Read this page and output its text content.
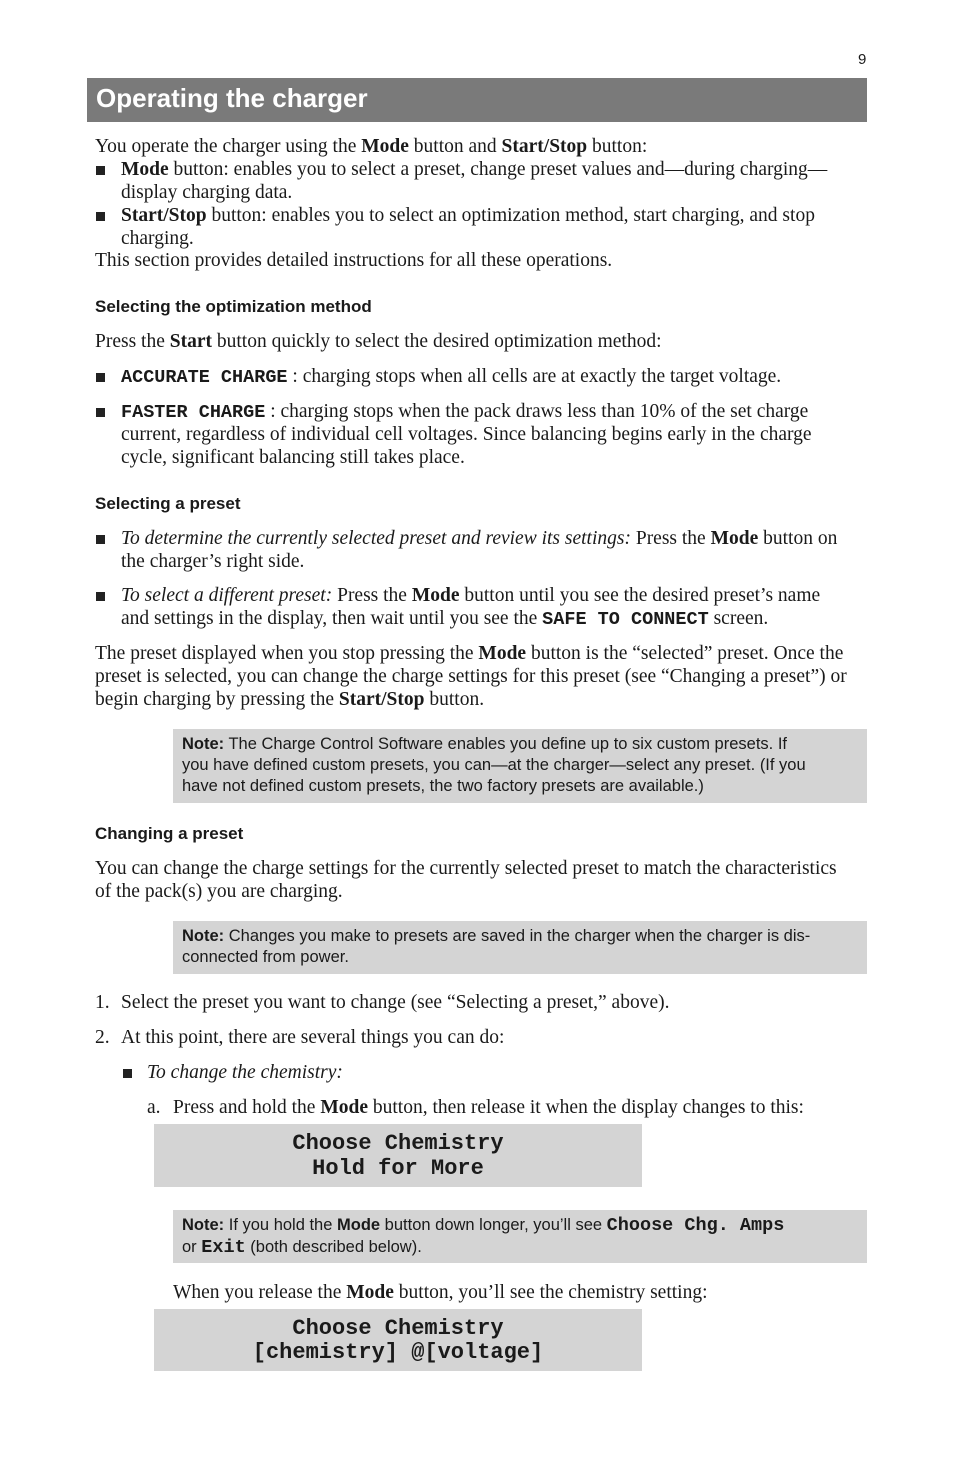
9
Operating the charger
You operate the charger using the Mode button and Start/Stop button:
Mode button: enables you to select a preset, change preset values and—during charging—
display charging data.
Start/Stop button: enables you to select an optimization method, start charging, and stop
charging.
This section provides detailed instructions for all these operations.
Selecting the optimization method
Press the Start button quickly to select the desired optimization method:
ACCURATE CHARGE : charging stops when all cells are at exactly the target voltage.
FASTER CHARGE : charging stops when the pack draws less than 10% of the set charge
current, regardless of individual cell voltages. Since balancing begins early in the charge
cycle, significant balancing still takes place.
Selecting a preset
To determine the currently selected preset and review its settings: Press the Mode button on
the charger’s right side.
To select a different preset: Press the Mode button until you see the desired preset’s name
and settings in the display, then wait until you see the SAFE TO CONNECT screen.
The preset displayed when you stop pressing the Mode button is the “selected” preset. Once the
preset is selected, you can change the charge settings for this preset (see “Changing a preset”) or
begin charging by pressing the Start/Stop button.
Note: The Charge Control Software enables you define up to six custom presets. If
you have defined custom presets, you can—at the charger—select any preset. (If you
have not defined custom presets, the two factory presets are available.)
Changing a preset
You can change the charge settings for the currently selected preset to match the characteristics
of the pack(s) you are charging.
Note: Changes you make to presets are saved in the charger when the charger is dis-
connected from power.
1. Select the preset you want to change (see “Selecting a preset,” above).
2. At this point, there are several things you can do:
To change the chemistry:
a. Press and hold the Mode button, then release it when the display changes to this:
Choose Chemistry
Hold for More
Note: If you hold the Mode button down longer, you’ll see Choose Chg. Amps
or Exit (both described below).
When you release the Mode button, you’ll see the chemistry setting:
Choose Chemistry
[chemistry] @[voltage]
